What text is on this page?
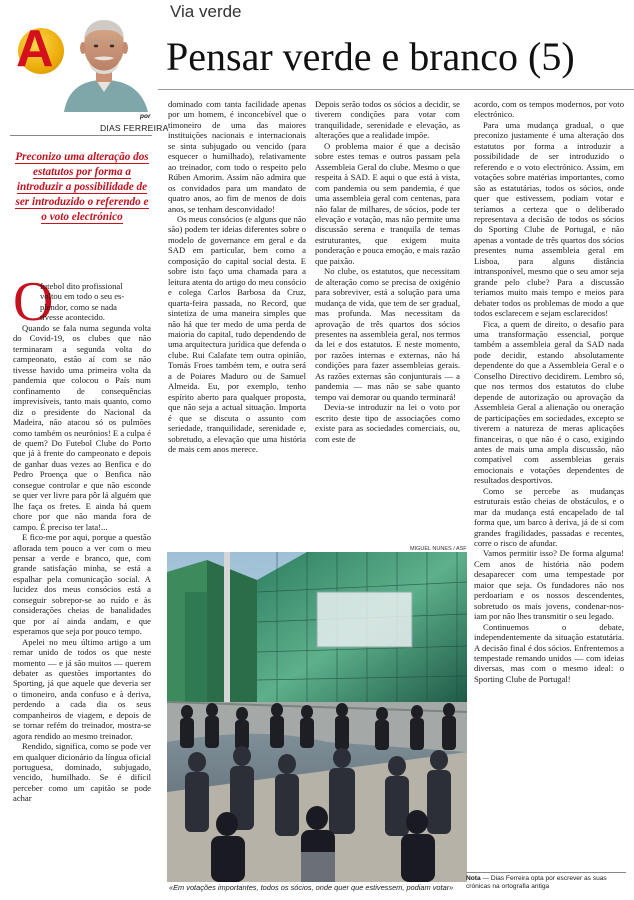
A
por
DIAS FERREIRA
Via verde
Pensar verde e branco (5)
Preconizo uma alteração dos estatutos por forma a introduzir a possibilidade de ser introduzido o referendo e o voto electrónico
O

futebol dito profissional

voltou em todo o seu es-

plendor, como se nada

tivesse acontecido.

Quando se fala numa segunda volta do Covid-19, os clubes que não terminaram a segunda volta do campeonato, estão aí com se não tivesse havido uma primeira volta da pandemia que colocou o País num confinamento de consequências imprevisíveis, tanto mais quanto, como diz o presidente do Nacional da Madeira, não atacou só os pulmões como também os neurónios! E a culpa é de quem? Do Futebol Clube do Porto que já à frente do campeonato e depois de ganhar duas vezes ao Benfica e do Pedro Proença que o Benfica não consegue controlar e que não esconde se quer ver livre para pôr lá alguém que lhe faça os fretes. E ainda há quem chore por que não manda fora de campo. É preciso ter lata!...

E fico-me por aqui, porque a questão aflorada tem pouco a ver com o meu pensar a verde e branco, que, com grande satisfação minha, se está a espalhar pela comunicação social. A lucidez dos meus consócios está a conseguir sobrepor-se ao ruído e às considerações cheias de banalidades que por aí ainda andam, e que esperamos que seja por pouco tempo.

Apelei no meu último artigo a um remar unido de todos os que neste momento — e já são muitos — querem debater as questões importantes do Sporting, já que aquele que deveria ser o timoneiro, anda confuso e à deriva, perdendo a cada dia os seus companheiros de viagem, e depois de se tornar refém do treinador, mostra-se agora rendido ao mesmo treinador.

Rendido, significa, como se pode ver em qualquer dicionário da língua oficial portuguesa, dominado, subjugado, vencido, humilhado. Se é difícil perceber como um capitão se pode achar

dominado com tanta facilidade apenas por um homem, é inconcebível que o timoneiro de uma das maiores instituições nacionais e internacionais se sinta subjugado ou vencido (para esquecer o humilhado), relativamente ao treinador, com todo o respeito pelo Rúben Amorim. Assim não admira que os convidados para um mandato de quatro anos, ao fim de menos de dois anos, se tenham desconvidado!

Os meus consócios (e alguns que não são) podem ter ideias diferentes sobre o modelo de governance em geral e da SAD em particular, bem como a composição do capital social desta. E sobre isto faço uma chamada para a leitura atenta do artigo do meu consócio e colega Carlos Barbosa da Cruz, quarta-feira passada, no Record, que sintetiza de uma maneira simples que não há que ter medo de uma perda de maioria do capital, tudo dependendo de uma arquitectura jurídica que defenda o clube. Rui Calafate tem outra opinião, Tomás Froes também tem, e outra será a de Poiares Maduro ou de Samuel Almeida. Eu, por exemplo, tenho espírito aberto para qualquer proposta, que não seja a actual situação. Importa é que se discuta o assunto com seriedade, tranquilidade, serenidade e, sobretudo, a elevação que uma história de mais cem anos merece.

Depois serão todos os sócios a decidir, se tiverem condições para votar com tranquilidade, serenidade e elevação, as alterações que a realidade impõe.

O problema maior é que a decisão sobre estes temas e outros passam pela Assembleia Geral do clube. Mesmo o que respeita à SAD. E aqui o que está à vista, com pandemia ou sem pandemia, é que uma assembleia geral com centenas, para não falar de milhares, de sócios, pode ter elevação e votação, mas não permite uma discussão serena e tranquila de temas estruturantes, que exigem muita ponderação e pouca emoção, e mais razão que paixão.

No clube, os estatutos, que necessitam de alteração como se precisa de oxigénio para sobreviver, está a solução para uma mudança de vida, que tem de ser gradual, mas profunda. Mas necessitam da aprovação de três quartos dos sócios presentes na assembleia geral, nos termos da lei e dos estatutos. E neste momento, por razões internas e externas, não há condições para fazer assembleias gerais. As razões externas são conjunturais — a pandemia — mas não se sabe quanto tempo vai demorar ou quando terminará!

Devia-se introduzir na lei o voto por escrito deste tipo de associações como existe para as sociedades comerciais, ou, com este de

acordo, com os tempos modernos, por voto electrónico.

Para uma mudança gradual, o que preconizo justamente é uma alteração dos estatutos por forma a introduzir a possibilidade de ser introduzido o referendo e o voto electrónico. Assim, em votações sobre matérias importantes, como são as estatutárias, todos os sócios, onde quer que estivessem, podiam votar e teríamos a certeza que o deliberado representava a decisão de todos os sócios do Sporting Clube de Portugal, e não apenas a vontade de três quartos dos sócios presentes numa assembleia geral em Lisboa, para alguns distância intransponível, mesmo que o seu amor seja grande pelo clube? Para a discussão teríamos muito mais tempo e meios para debater todos os problemas de modo a que todos esclarecem e sejam esclarecidos!

Fica, a quem de direito, o desafio para uma transformação essencial, porque também a assembleia geral da SAD nada pode decidir, estando absolutamente dependente do que a Assembleia Geral e o Conselho Directivo decidirem. Lembro só, que nos termos dos estatutos do clube depende de autorização ou aprovação da Assembleia Geral a alienação ou oneração de participações em sociedades, excepto se tiverem a natureza de meras aplicações financeiras, o que não é o caso, exigindo antes de mais uma ampla discussão, não compatível com assembleias gerais emocionais e votações dependentes de resultados desportivos.

Como se percebe as mudanças estruturais estão cheias de obstáculos, e o mar da mudança está encapelado de tal forma que, um barco à deriva, já de si com grandes fragilidades, passadas e recentes, corre o risco de afundar.

Vamos permitir isso? De forma alguma! Cem anos de história não podem desaparecer com uma tempestade por maior que seja. Os fundadores não nos perdoariam e os nossos descendentes, sobretudo os mais jovens, condenar-nos-iam por não lhes transmitir o seu legado.

Continuemos o debate, independentemente da situação estatutária. A decisão final é dos sócios. Enfrentemos a tempestade remando unidos — com ideias diversas, mas com o mesmo ideal: o Sporting Clube de Portugal!

MIGUEL NUNES / ASF
«Em votações importantes, todos os sócios, onde quer que estivessem, podiam votar»
Nota — Dias Ferreira opta por escrever as suas crónicas na ortografia antiga
